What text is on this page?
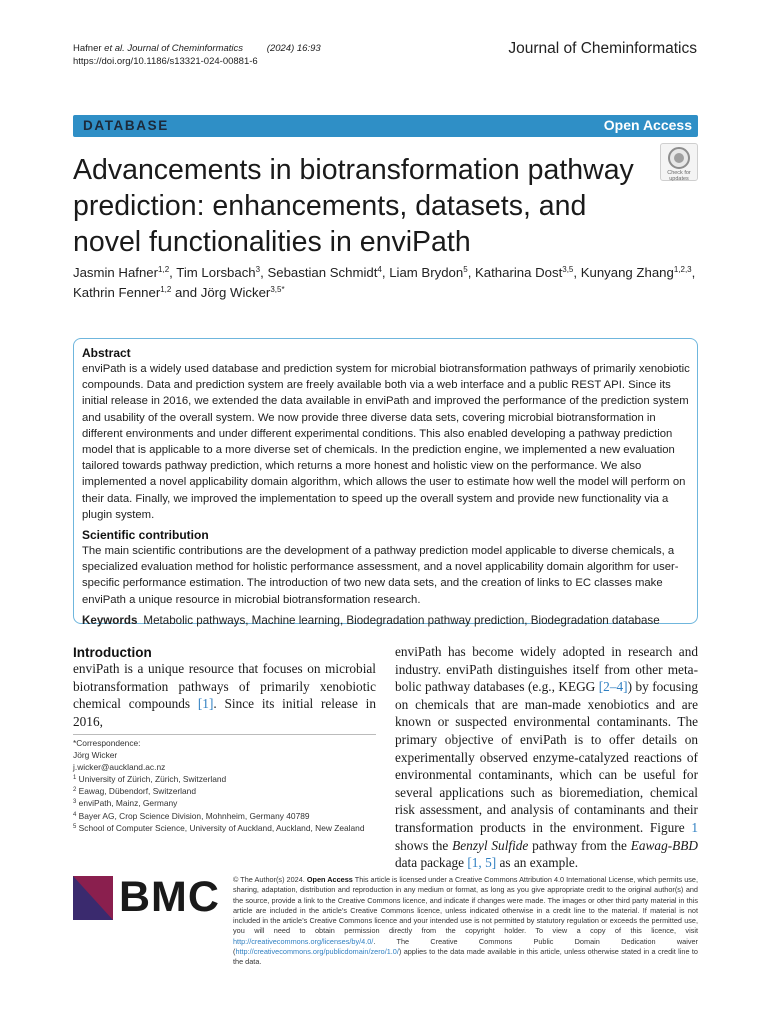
Hafner et al. Journal of Cheminformatics	(2024) 16:93
https://doi.org/10.1186/s13321-024-00881-6
Journal of Cheminformatics
DATABASE	Open Access
Advancements in biotransformation pathway prediction: enhancements, datasets, and novel functionalities in enviPath
Check for
updates
Jasmin Hafner$^{1,2}$, Tim Lorsbach$^3$, Sebastian Schmidt$^4$, Liam Brydon$^5$, Katharina Dost$^{3,5}$, Kunyang Zhang$^{1,2,3}$, Kathrin Fenner$^{1,2}$ and Jörg Wicker$^{3,5*}$
Abstract

enviPath is a widely used database and prediction system for microbial biotransformation pathways of primarily xenobiotic compounds. Data and prediction system are freely available both via a web interface and a public REST API. Since its initial release in 2016, we extended the data available in enviPath and improved the performance of the prediction system and usability of the overall system. We now provide three diverse data sets, covering microbial biotransformation in different environments and under different experimental conditions. This also enabled developing a pathway prediction model that is applicable to a more diverse set of chemicals. In the prediction engine, we implemented a new evaluation tailored towards pathway prediction, which returns a more honest and holistic view on the performance. We also implemented a novel applicability domain algorithm, which allows the user to estimate how well the model will perform on their data. Finally, we improved the implementation to speed up the overall system and provide new functionality via a plugin system.

Scientific contribution

The main scientific contributions are the development of a pathway prediction model applicable to diverse chemicals, a specialized evaluation method for holistic performance assessment, and a novel applicability domain algorithm for user-specific performance estimation. The introduction of two new data sets, and the creation of links to EC classes make enviPath a unique resource in microbial biotransformation research.

Keywords Metabolic pathways, Machine learning, Biodegradation pathway prediction, Biodegradation database
Introduction
enviPath is a unique resource that focuses on microbial biotransformation pathways of primarily xenobiotic chemical compounds [1]. Since its initial release in 2016,
enviPath has become widely adopted in research and industry. enviPath distinguishes itself from other metabolic pathway databases (e.g., KEGG [2–4]) by focusing on chemicals that are man-made xenobiotics and are known or suspected environmental contaminants. The primary objective of enviPath is to offer details on experimentally observed enzyme-catalyzed reactions of environmental contaminants, which can be useful for several applications such as bioremediation, chemical risk assessment, and analysis of contaminants and their transformation products in the environment. Figure 1 shows the Benzyl Sulfide pathway from the Eawag-BBD data package [1, 5] as an example.
*Correspondence:
Jörg Wicker
j.wicker@auckland.ac.nz
$^1$ University of Zürich, Zürich, Switzerland
$^2$ Eawag, Dübendorf, Switzerland
$^3$ enviPath, Mainz, Germany
$^4$ Bayer AG, Crop Science Division, Mohnheim, Germany 40789
$^5$ School of Computer Science, University of Auckland, Auckland, New Zealand
BMC © The Author(s) 2024. Open Access This article is licensed under a Creative Commons Attribution 4.0 International License, which permits use, sharing, adaptation, distribution and reproduction in any medium or format, as long as you give appropriate credit to the original author(s) and the source, provide a link to the Creative Commons licence, and indicate if changes were made. The images or other third party material in this article are included in the article’s Creative Commons licence, unless indicated otherwise in a credit line to the material. If material is not included in the article’s Creative Commons licence and your intended use is not permitted by statutory regulation or exceeds the permitted use, you will need to obtain permission directly from the copyright holder. To view a copy of this licence, visit http://creativecommons.org/licenses/by/4.0/. The Creative Commons Public Domain Dedication waiver (http://creativecommons.org/publicdomain/zero/1.0/) applies to the data made available in this article, unless otherwise stated in a credit line to the data.
